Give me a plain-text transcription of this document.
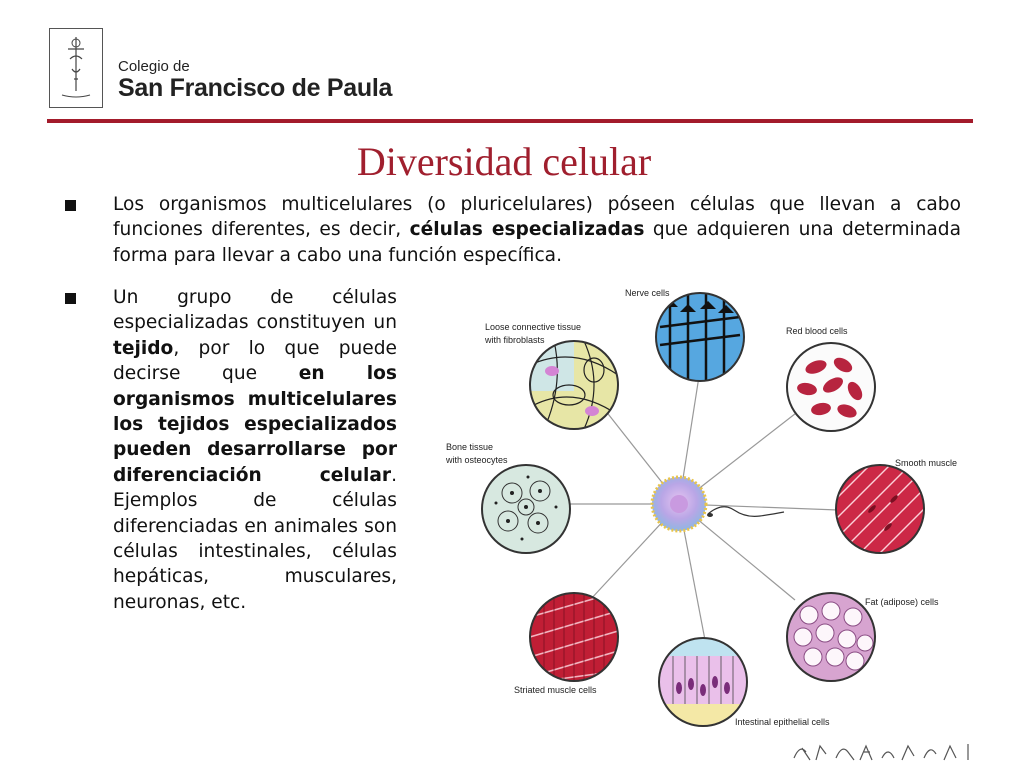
Colegio de
San Francisco de Paula
Diversidad celular
Los organismos multicelulares (o pluricelulares) póseen células que llevan a cabo funciones diferentes, es decir, células especializadas que adquieren una determinada forma para llevar a cabo una función específica.
Un grupo de células especializadas constituyen un tejido, por lo que puede decirse que en los organismos multicelulares los tejidos especializados pueden desarrollarse por diferenciación celular. Ejemplos de células diferenciadas en animales son células intestinales, células hepáticas, musculares, neuronas, etc.
Nerve cells
Loose connective tissue
with fibroblasts
Red blood cells
Bone tissue
with osteocytes	Smooth muscle
Fat (adipose) cells
Striated muscle cells
Intestinal epithelial cells
